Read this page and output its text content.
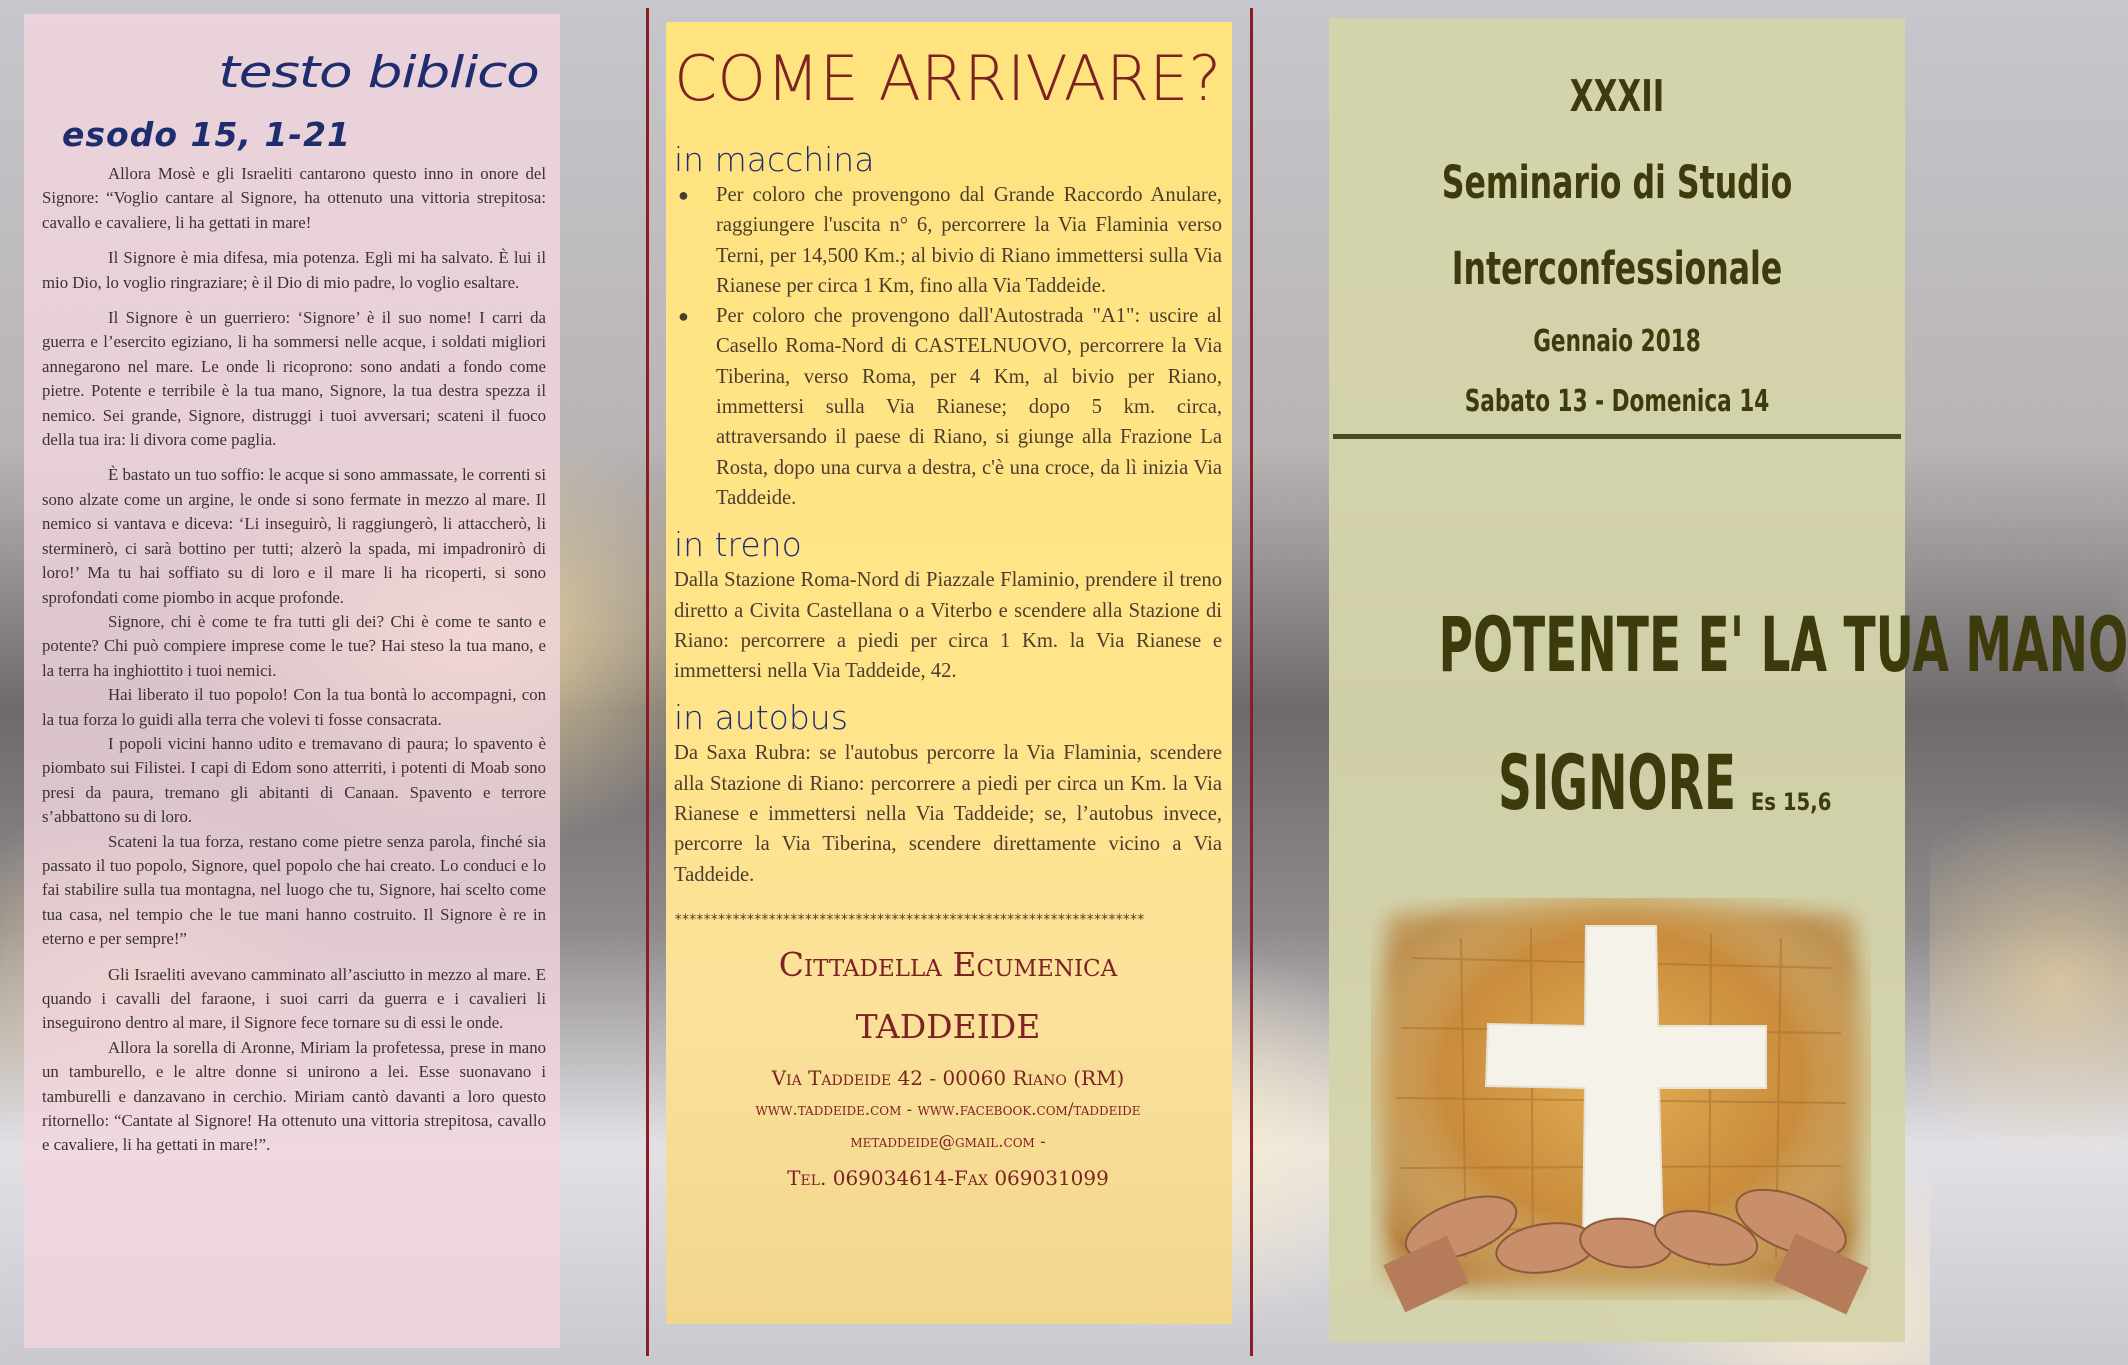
testo biblico
esodo 15, 1-21

Allora Mosè e gli Israeliti cantarono questo inno in onore del Signore: “Voglio cantare al Signore, ha ottenuto una vittoria strepitosa: cavallo e cavaliere, li ha gettati in mare!

Il Signore è mia difesa, mia potenza. Egli mi ha salvato. È lui il mio Dio, lo voglio ringraziare; è il Dio di mio padre, lo voglio esaltare.

Il Signore è un guerriero: ‘Signore’ è il suo nome! I carri da guerra e l’esercito egiziano, li ha sommersi nelle acque, i soldati migliori annegarono nel mare. Le onde li ricoprono: sono andati a fondo come pietre. Potente e terribile è la tua mano, Signore, la tua destra spezza il nemico. Sei grande, Signore, distruggi i tuoi avversari; scateni il fuoco della tua ira: li divora come paglia.

È bastato un tuo soffio: le acque si sono ammassate, le correnti si sono alzate come un argine, le onde si sono fermate in mezzo al mare. Il nemico si vantava e diceva: ‘Li inseguirò, li raggiungerò, li attaccherò, li sterminerò, ci sarà bottino per tutti; alzerò la spada, mi impadronirò di loro!’ Ma tu hai soffiato su di loro e il mare li ha ricoperti, si sono sprofondati come piombo in acque profonde.

Signore, chi è come te fra tutti gli dei? Chi è come te santo e potente? Chi può compiere imprese come le tue? Hai steso la tua mano, e la terra ha inghiottito i tuoi nemici.

Hai liberato il tuo popolo! Con la tua bontà lo accompagni, con la tua forza lo guidi alla terra che volevi ti fosse consacrata.

I popoli vicini hanno udito e tremavano di paura; lo spavento è piombato sui Filistei. I capi di Edom sono atterriti, i potenti di Moab sono presi da paura, tremano gli abitanti di Canaan. Spavento e terrore s’abbattono su di loro.

Scateni la tua forza, restano come pietre senza parola, finché sia passato il tuo popolo, Signore, quel popolo che hai creato. Lo conduci e lo fai stabilire sulla tua montagna, nel luogo che tu, Signore, hai scelto come tua casa, nel tempio che le tue mani hanno costruito. Il Signore è re in eterno e per sempre!”

Gli Israeliti avevano camminato all’asciutto in mezzo al mare. E quando i cavalli del faraone, i suoi carri da guerra e i cavalieri li inseguirono dentro al mare, il Signore fece tornare su di essi le onde.

Allora la sorella di Aronne, Miriam la profetessa, prese in mano un tamburello, e le altre donne si unirono a lei. Esse suonavano i tamburelli e danzavano in cerchio. Miriam cantò davanti a loro questo ritornello: “Cantate al Signore! Ha ottenuto una vittoria strepitosa, cavallo e cavaliere, li ha gettati in mare!”.

COME ARRIVARE?
in macchina
● Per coloro che provengono dal Grande Raccordo Anulare, raggiungere l'uscita n° 6, percorrere la Via Flaminia verso Terni, per 14,500 Km.; al bivio di Riano immettersi sulla Via Rianese per circa 1 Km, fino alla Via Taddeide.
● Per coloro che provengono dall'Autostrada "A1": uscire al Casello Roma-Nord di CASTELNUOVO, percorrere la Via Tiberina, verso Roma, per 4 Km, al bivio per Riano, immettersi sulla Via Rianese; dopo 5 km. circa, attraversando il paese di Riano, si giunge alla Frazione La Rosta, dopo una curva a destra, c'è una croce, da lì inizia Via Taddeide.
in treno

Dalla Stazione Roma-Nord di Piazzale Flaminio, prendere il treno diretto a Civita Castellana o a Viterbo e scendere alla Stazione di Riano: percorrere a piedi per circa 1 Km. la Via Rianese e immettersi nella Via Taddeide, 42.

in autobus

Da Saxa Rubra: se l'autobus percorre la Via Flaminia, scendere alla Stazione di Riano: percorrere a piedi per circa un Km. la Via Rianese e immettersi nella Via Taddeide; se, l’autobus invece, percorre la Via Tiberina, scendere direttamente vicino a Via Taddeide.

*****************************************************************
Cittadella Ecumenica
TADDEIDE
Via Taddeide 42 - 00060 Riano (RM)
www.taddeide.com - www.facebook.com/taddeide
metaddeide@gmail.com -
Tel. 069034614-Fax 069031099
XXXII
Seminario di Studio
Interconfessionale
Gennaio 2018
Sabato 13 - Domenica 14
POTENTE E' LA TUA MANO
SIGNORE Es 15,6
